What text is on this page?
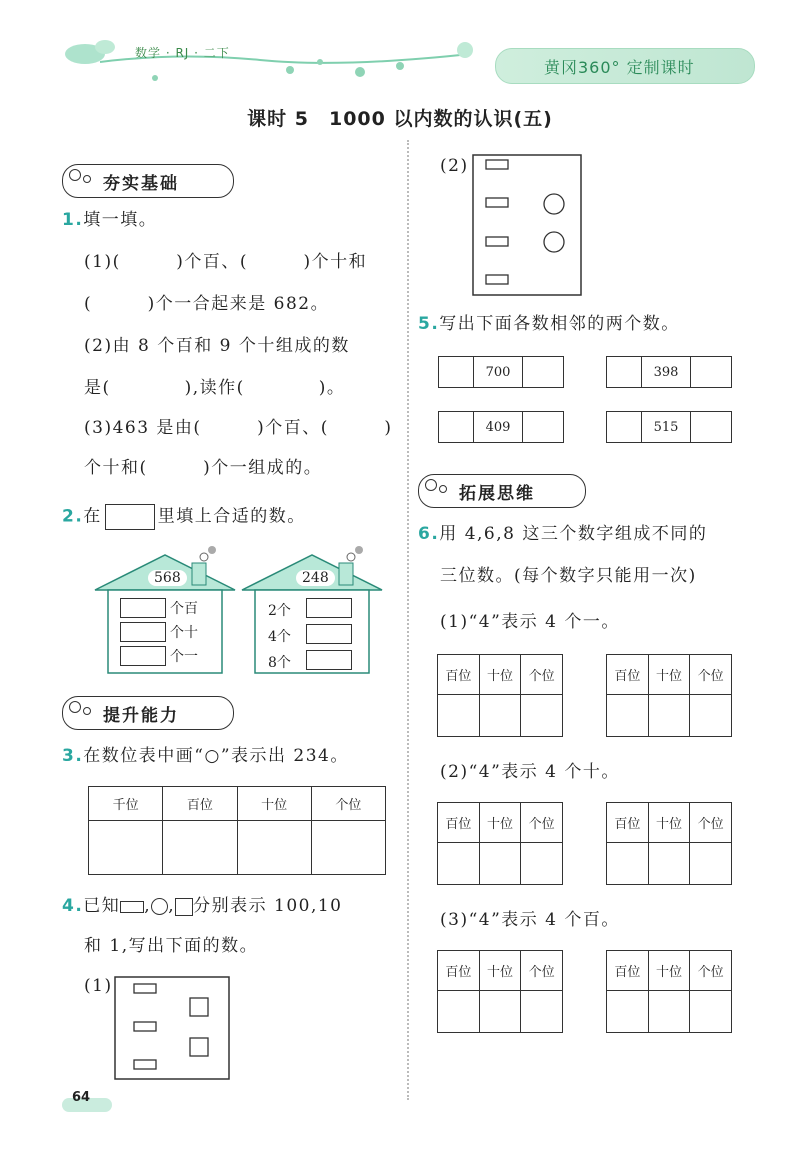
数学 · RJ · 二下
黄冈360° 定制课时
课时 5　1000 以内数的认识(五)
夯实基础
1.填一填。
(1)(　　　)个百、(　　　)个十和
(　　　)个一合起来是 682。
(2)由 8 个百和 9 个十组成的数
是(　　　　),读作(　　　　)。
(3)463 是由(　　　)个百、(　　　)
个十和(　　　)个一组成的。
2.在	里填上合适的数。
568	248
个百
个十
个一
2个
4个
8个
提升能力
3.在数位表中画“○”表示出 234。
千位	百位	十位	个位

4.已知 , , 分别表示 100,10
和 1,写出下面的数。
(1)
(2)
5.写出下面各数相邻的两个数。
	700	
		398	
	409	
		515	
拓展思维
6.用 4,6,8 这三个数字组成不同的
三位数。(每个数字只能用一次)
(1)“4”表示 4 个一。
(2)“4”表示 4 个十。
(3)“4”表示 4 个百。
百位	十位	个位
			百位	十位	个位

百位	十位	个位
			百位	十位	个位

百位	十位	个位
			百位	十位	个位

64
